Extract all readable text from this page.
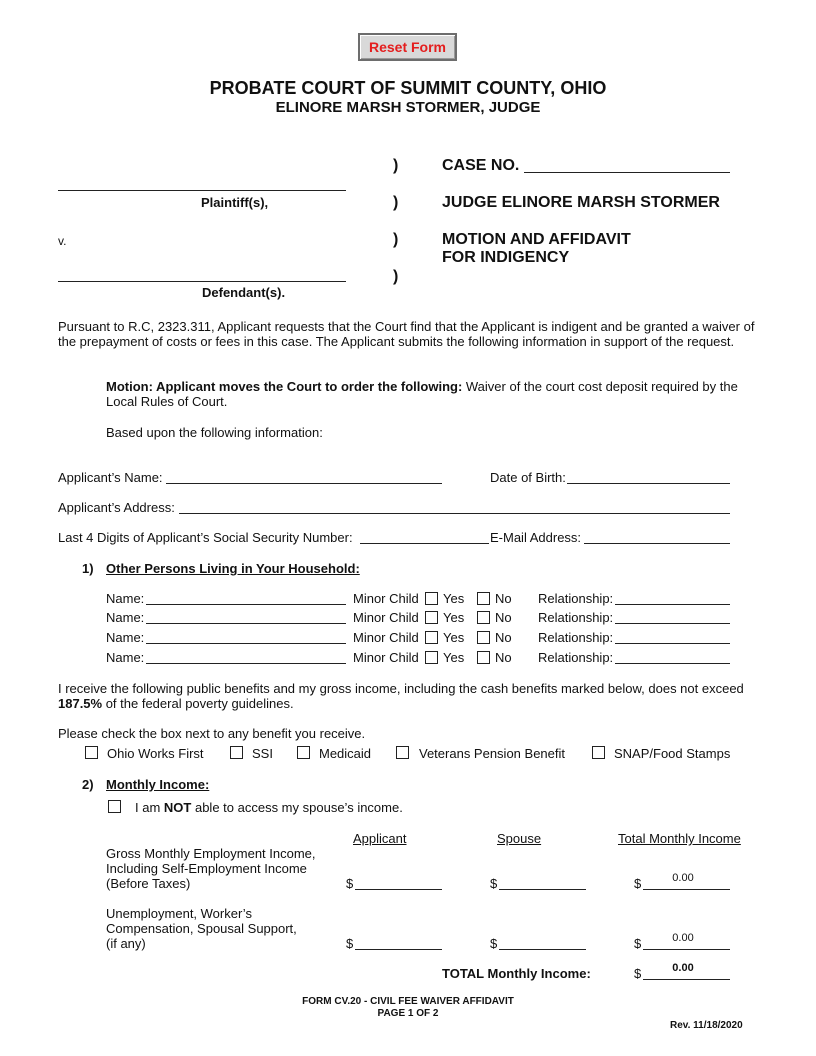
Reset Form
PROBATE COURT OF SUMMIT COUNTY, OHIO
ELINORE MARSH STORMER, JUDGE
)
)
)
)
CASE NO.
JUDGE ELINORE MARSH STORMER
MOTION AND AFFIDAVIT
FOR INDIGENCY
Plaintiff(s),
v.
Defendant(s).
Pursuant to R.C, 2323.311, Applicant requests that the Court find that the Applicant is indigent and be granted a waiver of the prepayment of costs or fees in this case. The Applicant submits the following information in support of the request.
Motion: Applicant moves the Court to order the following: Waiver of the court cost deposit required by the Local Rules of Court.
Based upon the following information:
Applicant’s Name:	Date of Birth:
Applicant’s Address:
Last 4 Digits of Applicant’s Social Security Number:	E-Mail Address:
1) Other Persons Living in Your Household:
Name:	Minor Child Yes No Relationship:
Name:	Minor Child Yes No Relationship:
Name:	Minor Child Yes No Relationship:
Name:	Minor Child Yes No Relationship:
I receive the following public benefits and my gross income, including the cash benefits marked below, does not exceed 187.5% of the federal poverty guidelines.
Please check the box next to any benefit you receive.
Ohio Works First	SSI	Medicaid	Veterans Pension Benefit	SNAP/Food Stamps
2) Monthly Income:
I am NOT able to access my spouse’s income.
Applicant	Spouse	Total Monthly Income
Gross Monthly Employment Income,
Including Self-Employment Income
(Before Taxes)	$	$	$	0.00
Unemployment, Worker’s
Compensation, Spousal Support,
(if any)	$	$	$	0.00
TOTAL Monthly Income:	$	0.00
FORM CV.20 - CIVIL FEE WAIVER AFFIDAVIT
PAGE 1 OF 2
Rev. 11/18/2020
